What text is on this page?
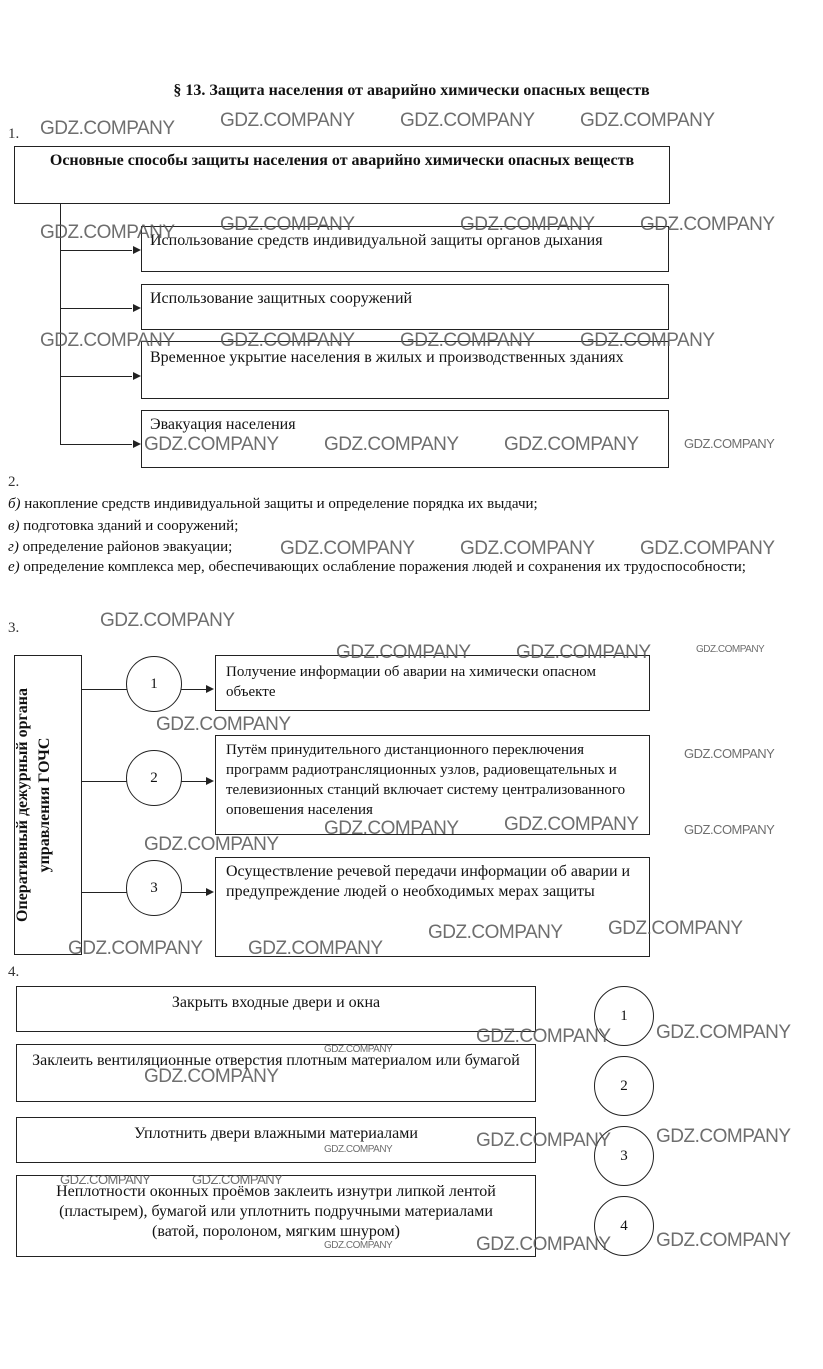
§ 13. Защита населения от аварийно химически опасных веществ
1.
Основные способы защиты населения от аварийно химически опасных веществ
Использование средств индивидуальной защиты органов дыхания
Использование защитных сооружений
Временное укрытие населения в жилых и производственных зданиях
Эвакуация населения
2.
б) накопление средств индивидуальной защиты и определение порядка их выдачи;
в) подготовка зданий и сооружений;
г) определение районов эвакуации;
е) определение комплекса мер, обеспечивающих ослабление поражения людей и сохранения их трудоспособности;
3.
Оперативный дежурный органа управления ГОЧС
1
Получение информации об аварии на химически опасном объекте
2
Путём принудительного дистанционного переключения программ радиотрансляционных узлов, радиовещательных и телевизионных станций включает систему централизованного оповешения населения
3
Осуществление речевой передачи информации об аварии и предупреждение людей о необходимых мерах защиты
4.
Закрыть входные двери и окна
Заклеить вентиляционные отверстия плотным материалом или бумагой
Уплотнить двери влажными материалами
Неплотности оконных проёмов заклеить изнутри липкой лентой (пластырем), бумагой или уплотнить подручными материалами (ватой, поролоном, мягким шнуром)
1
2
3
4
GDZ.COMPANY GDZ.COMPANY GDZ.COMPANY GDZ.COMPANY
GDZ.COMPANY GDZ.COMPANY	GDZ.COMPANY GDZ.COMPANY
GDZ.COMPANY GDZ.COMPANY GDZ.COMPANY GDZ.COMPANY
GDZ.COMPANY GDZ.COMPANY GDZ.COMPANY	GDZ.COMPANY
GDZ.COMPANY GDZ.COMPANY GDZ.COMPANY
GDZ.COMPANY
GDZ.COMPANY GDZ.COMPANY	GDZ.COMPANY
GDZ.COMPANY
GDZ.COMPANY
GDZ.COMPANY GDZ.COMPANY	GDZ.COMPANY
GDZ.COMPANY
GDZ.COMPANY GDZ.COMPANY
GDZ.COMPANY GDZ.COMPANY
GDZ.COMPANY GDZ.COMPANY
GDZ.COMPANY
GDZ.COMPANY
GDZ.COMPANY GDZ.COMPANY
GDZ.COMPANY
GDZ.COMPANY	GDZ.COMPANY
GDZ.COMPANY GDZ.COMPANY
GDZ.COMPANY
